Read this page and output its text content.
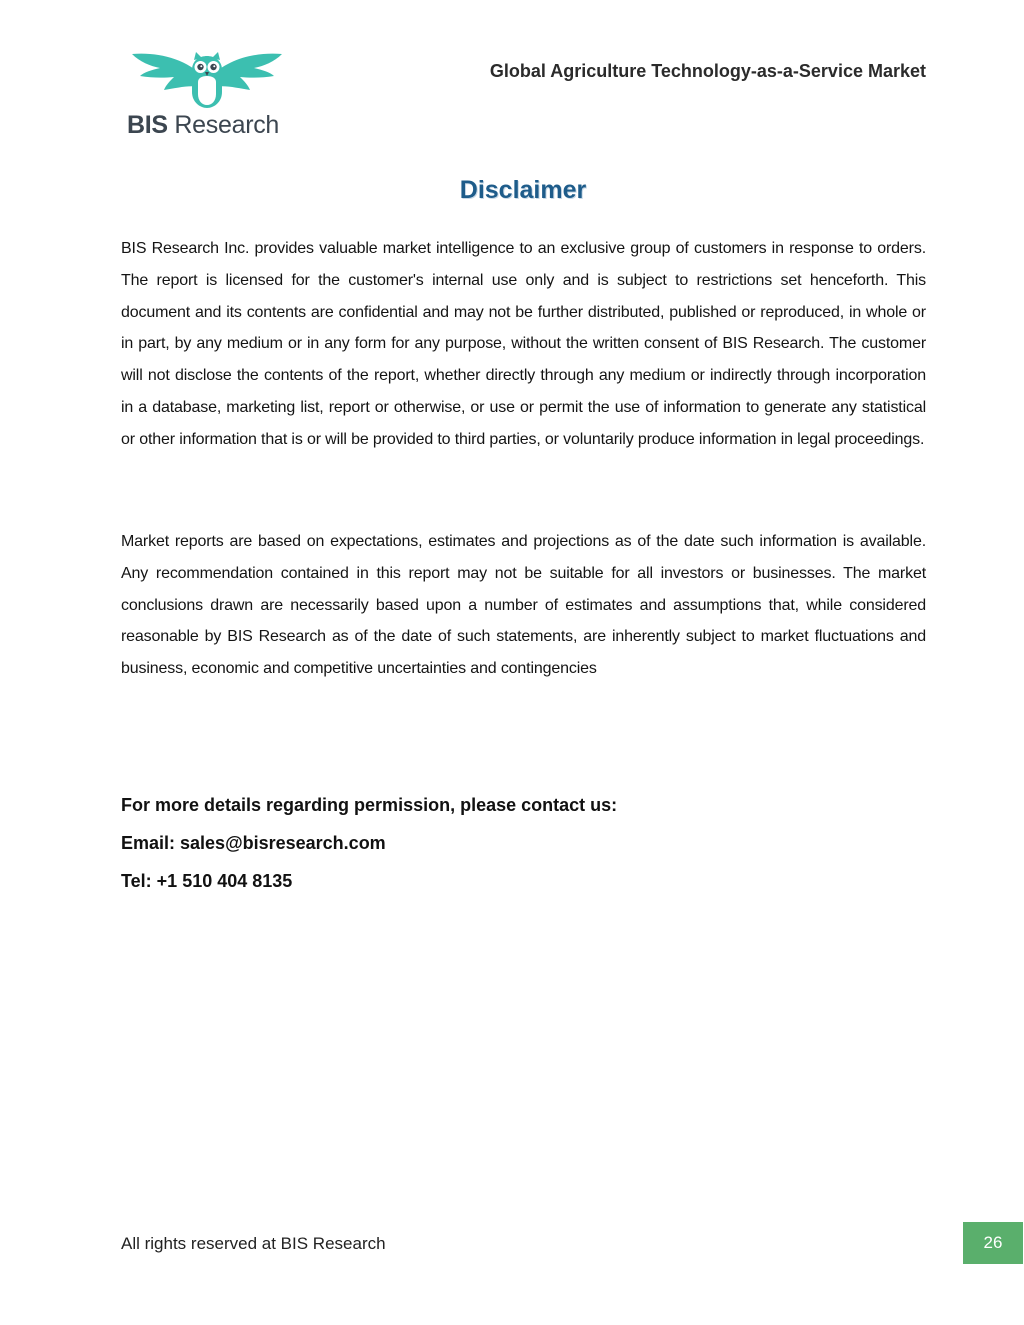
BIS Research
Global Agriculture Technology-as-a-Service Market
Disclaimer

BIS Research Inc. provides valuable market intelligence to an exclusive group of customers in response to orders. The report is licensed for the customer's internal use only and is subject to restrictions set henceforth. This document and its contents are confidential and may not be further distributed, published or reproduced, in whole or in part, by any medium or in any form for any purpose, without the written consent of BIS Research. The customer will not disclose the contents of the report, whether directly through any medium or indirectly through incorporation in a database, marketing list, report or otherwise, or use or permit the use of information to generate any statistical or other information that is or will be provided to third parties, or voluntarily produce information in legal proceedings.

Market reports are based on expectations, estimates and projections as of the date such information is available. Any recommendation contained in this report may not be suitable for all investors or businesses. The market conclusions drawn are necessarily based upon a number of estimates and assumptions that, while considered reasonable by BIS Research as of the date of such statements, are inherently subject to market fluctuations and business, economic and competitive uncertainties and contingencies

For more details regarding permission, please contact us:
Email: sales@bisresearch.com
Tel: +1 510 404 8135
All rights reserved at BIS Research	26
